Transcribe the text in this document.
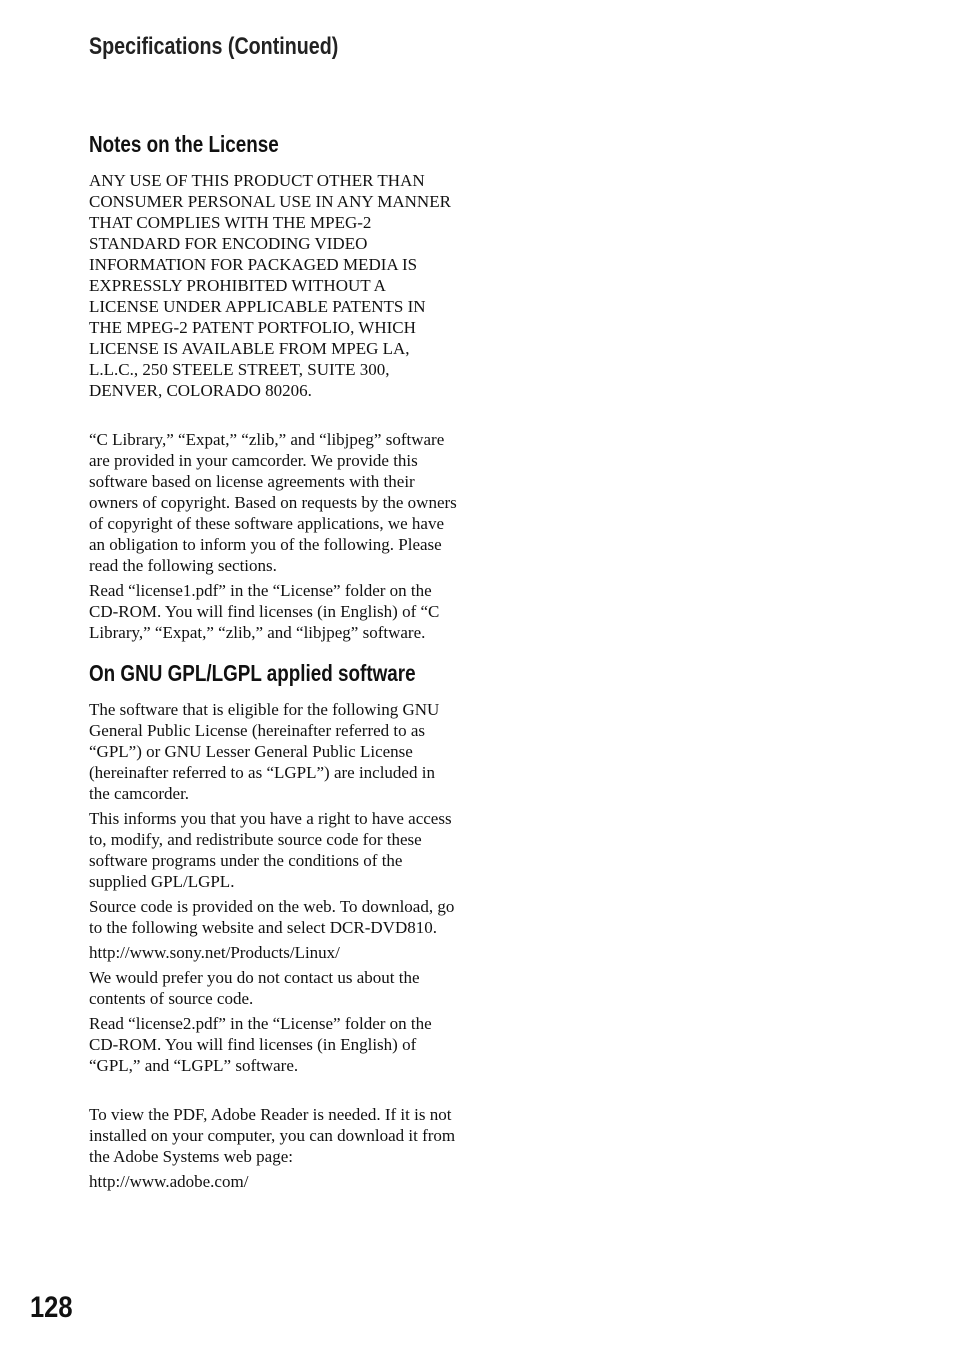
Specifications (Continued)
Notes on the License

ANY USE OF THIS PRODUCT OTHER THAN CONSUMER PERSONAL USE IN ANY MANNER THAT COMPLIES WITH THE MPEG-2 STANDARD FOR ENCODING VIDEO INFORMATION FOR PACKAGED MEDIA IS EXPRESSLY PROHIBITED WITHOUT A LICENSE UNDER APPLICABLE PATENTS IN THE MPEG-2 PATENT PORTFOLIO, WHICH LICENSE IS AVAILABLE FROM MPEG LA, L.L.C., 250 STEELE STREET, SUITE 300, DENVER, COLORADO 80206.

“C Library,” “Expat,” “zlib,” and “libjpeg” software are provided in your camcorder. We provide this software based on license agreements with their owners of copyright. Based on requests by the owners of copyright of these software applications, we have an obligation to inform you of the following. Please read the following sections.

Read “license1.pdf” in the “License” folder on the CD-ROM. You will find licenses (in English) of “C Library,” “Expat,” “zlib,” and “libjpeg” software.

On GNU GPL/LGPL applied software

The software that is eligible for the following GNU General Public License (hereinafter referred to as “GPL”) or GNU Lesser General Public License (hereinafter referred to as “LGPL”) are included in the camcorder.

This informs you that you have a right to have access to, modify, and redistribute source code for these software programs under the conditions of the supplied GPL/LGPL.

Source code is provided on the web. To download, go to the following website and select DCR-DVD810.

http://www.sony.net/Products/Linux/

We would prefer you do not contact us about the contents of source code.

Read “license2.pdf” in the “License” folder on the CD-ROM. You will find licenses (in English) of “GPL,” and “LGPL” software.

To view the PDF, Adobe Reader is needed. If it is not installed on your computer, you can download it from the Adobe Systems web page:

http://www.adobe.com/

128
